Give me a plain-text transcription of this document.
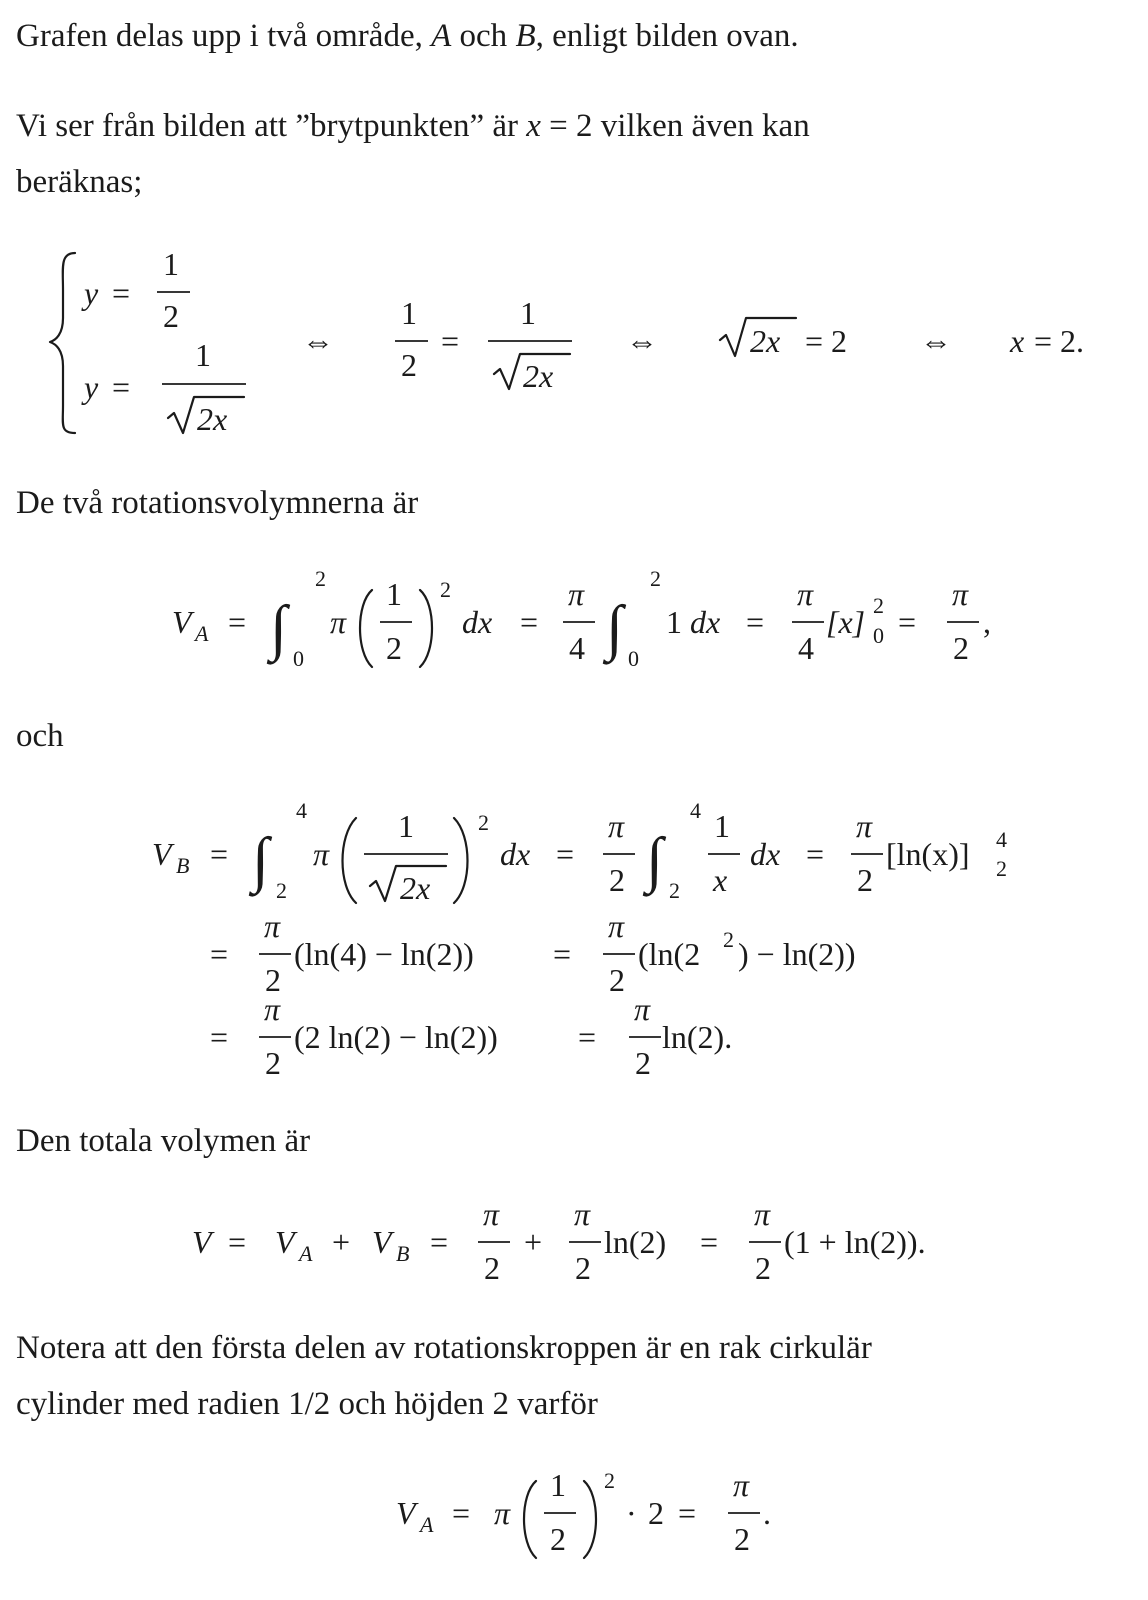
Grafen delas upp i två område, A och B, enligt bilden ovan.

Vi ser från bilden att ”brytpunkten” är x = 2 vilken även kan
beräknas;

y =
1
2
y =
1
2x
⇔
1
2
=
1
2x
⇔	2x = 2 ⇔ x = 2.

De två rotationsvolymnerna är

V A = ∫
2
0
π
1
2
2
dx =
π
4 ∫
2
0
1 dx =
π
4
[x] 2
0 =
π
2
,

och

V B = ∫
4
2
π
1
2x
2
dx =
π
2 ∫
4
2
1
x
dx =
π
2
[ln(x)] 4
2
=
π
2
(ln(4) − ln(2)) =
π
2
(ln(2 2 ) − ln(2))
=
π
2
(2 ln(2) − ln(2))	=
π
2
ln(2).

Den totala volymen är

V = V A + V B =
π
2
+
π
2
ln(2) =
π
2
(1 + ln(2)).

Notera att den första delen av rotationskroppen är en rak cirkulär
cylinder med radien 1/2 och höjden 2 varför

V A = π
1
2
2
· 2 =
π
2
.
